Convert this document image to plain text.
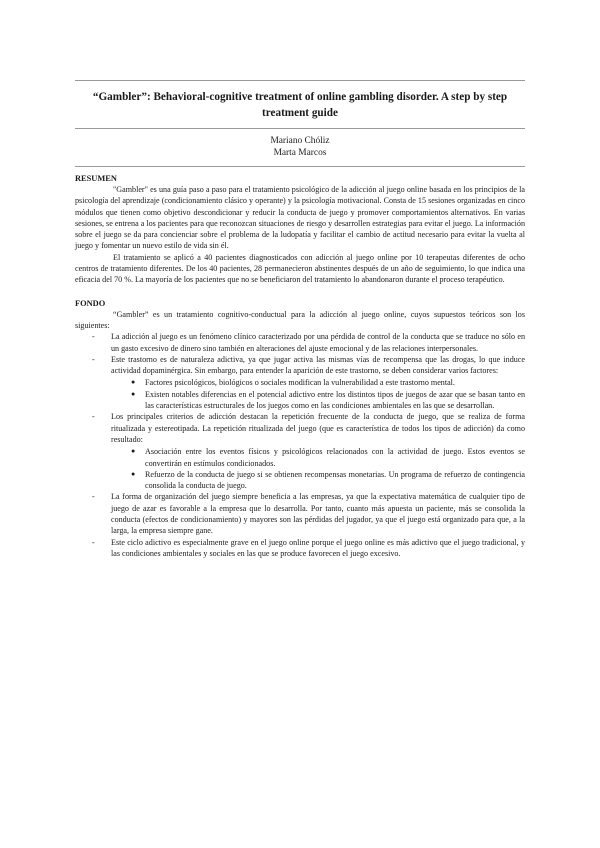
“Gambler”: Behavioral-cognitive treatment of online gambling disorder. A step by step treatment guide
Mariano Chóliz
Marta Marcos
RESUMEN

"Gambler" es una guía paso a paso para el tratamiento psicológico de la adicción al juego online basada en los principios de la psicología del aprendizaje (condicionamiento clásico y operante) y la psicología motivacional. Consta de 15 sesiones organizadas en cinco módulos que tienen como objetivo descondicionar y reducir la conducta de juego y promover comportamientos alternativos. En varias sesiones, se entrena a los pacientes para que reconozcan situaciones de riesgo y desarrollen estrategias para evitar el juego. La información sobre el juego se da para concienciar sobre el problema de la ludopatía y facilitar el cambio de actitud necesario para evitar la vuelta al juego y fomentar un nuevo estilo de vida sin él.

El tratamiento se aplicó a 40 pacientes diagnosticados con adicción al juego online por 10 terapeutas diferentes de ocho centros de tratamiento diferentes. De los 40 pacientes, 28 permanecieron abstinentes después de un año de seguimiento, lo que indica una eficacia del 70 %. La mayoría de los pacientes que no se beneficiaron del tratamiento lo abandonaron durante el proceso terapéutico.

FONDO

“Gambler” es un tratamiento cognitivo-conductual para la adicción al juego online, cuyos supuestos teóricos son los siguientes:

- La adicción al juego es un fenómeno clínico caracterizado por una pérdida de control de la conducta que se traduce no sólo en un gasto excesivo de dinero sino también en alteraciones del ajuste emocional y de las relaciones interpersonales.
- Este trastorno es de naturaleza adictiva, ya que jugar activa las mismas vías de recompensa que las drogas, lo que induce actividad dopaminérgica. Sin embargo, para entender la aparición de este trastorno, se deben considerar varios factores:
● Factores psicológicos, biológicos o sociales modifican la vulnerabilidad a este trastorno mental.
● Existen notables diferencias en el potencial adictivo entre los distintos tipos de juegos de azar que se basan tanto en las características estructurales de los juegos como en las condiciones ambientales en las que se desarrollan.
- Los principales criterios de adicción destacan la repetición frecuente de la conducta de juego, que se realiza de forma ritualizada y estereotipada. La repetición ritualizada del juego (que es característica de todos los tipos de adicción) da como resultado:
● Asociación entre los eventos físicos y psicológicos relacionados con la actividad de juego. Estos eventos se convertirán en estímulos condicionados.
● Refuerzo de la conducta de juego si se obtienen recompensas monetarias. Un programa de refuerzo de contingencia consolida la conducta de juego.
- La forma de organización del juego siempre beneficia a las empresas, ya que la expectativa matemática de cualquier tipo de juego de azar es favorable a la empresa que lo desarrolla. Por tanto, cuanto más apuesta un paciente, más se consolida la conducta (efectos de condicionamiento) y mayores son las pérdidas del jugador, ya que el juego está organizado para que, a la larga, la empresa siempre gane.
- Este ciclo adictivo es especialmente grave en el juego online porque el juego online es más adictivo que el juego tradicional, y las condiciones ambientales y sociales en las que se produce favorecen el juego excesivo.
